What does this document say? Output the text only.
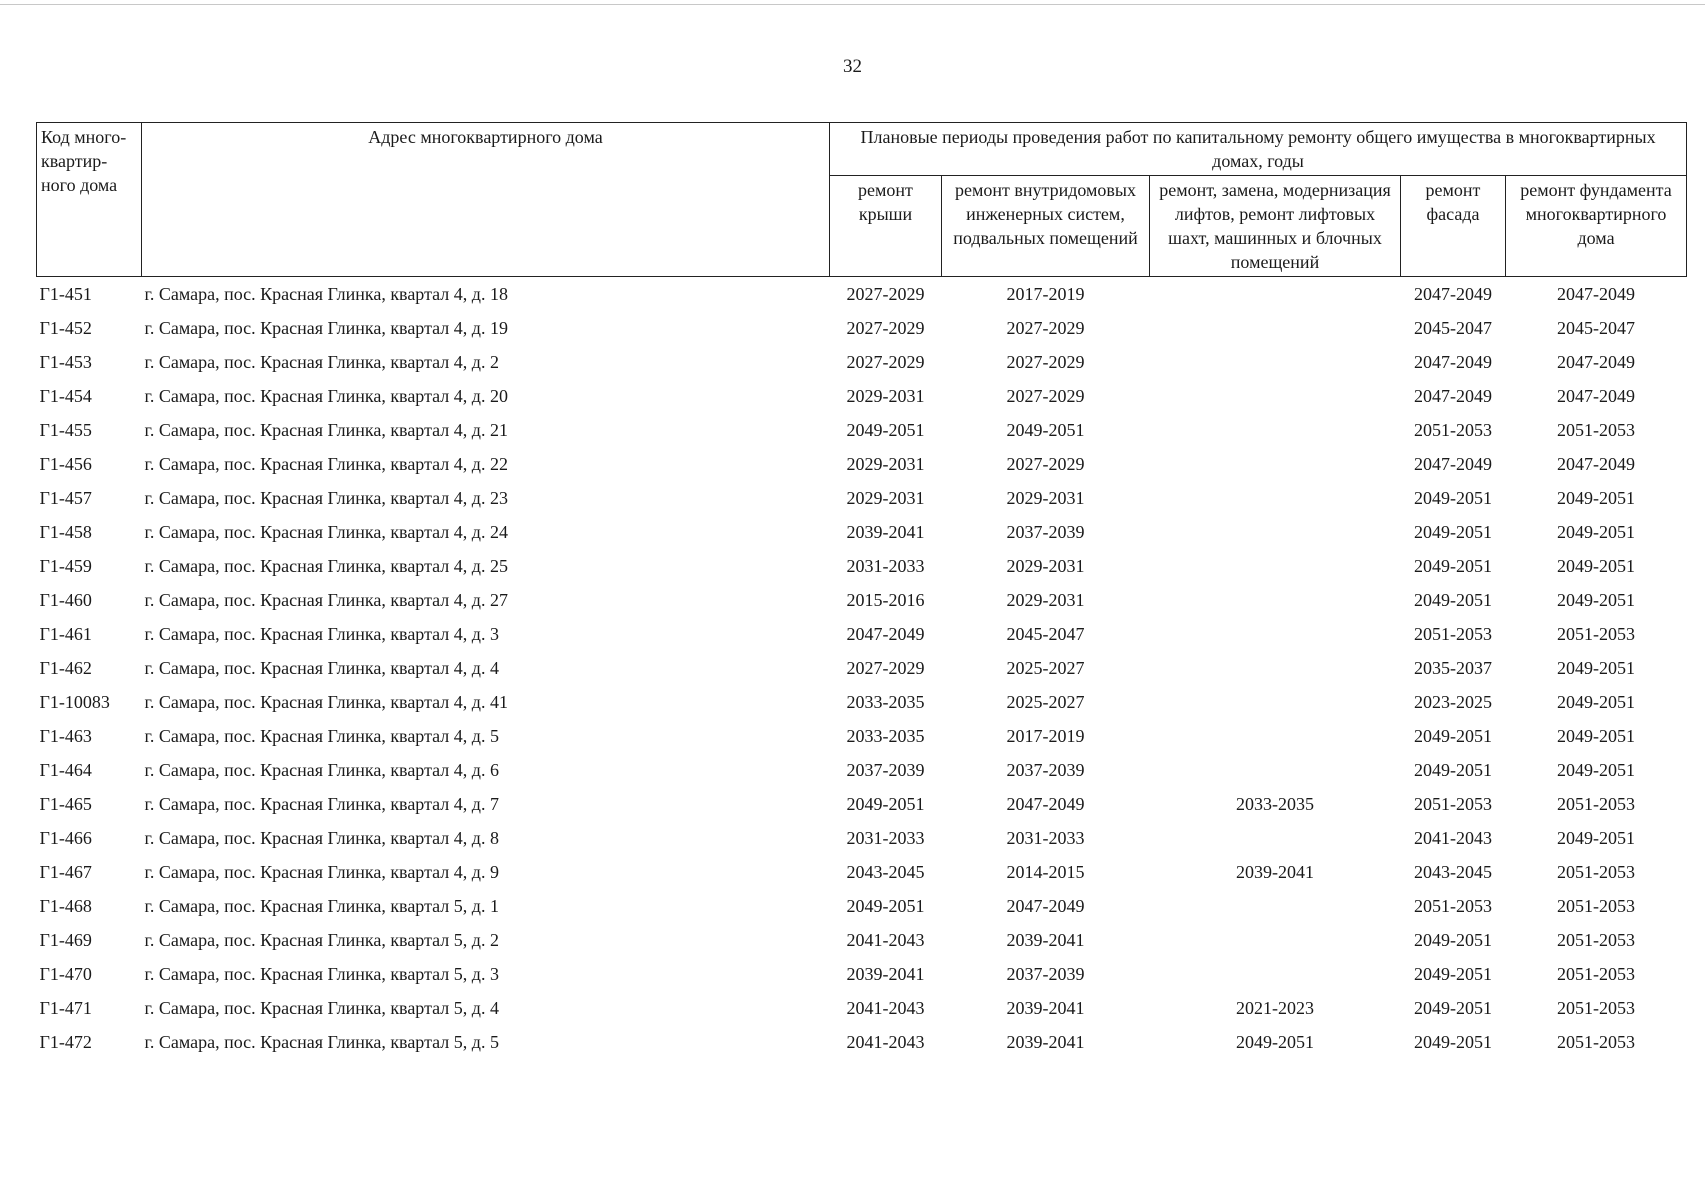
32
Код много-квартир-ного дома	Адрес многоквартирного дома	Плановые периоды проведения работ по капитальному ремонту общего имущества в многоквартирных домах, годы				
		ремонт крыши	ремонт внутридомовых инженерных систем, подвальных помещений	ремонт, замена, модернизация лифтов, ремонт лифтовых шахт, машинных и блочных помещений	ремонт фасада	ремонт фундамента многоквартирного дома
Г1-451	г. Самара, пос. Красная Глинка, квартал 4, д. 18	2027-2029	2017-2019		2047-2049	2047-2049
Г1-452	г. Самара, пос. Красная Глинка, квартал 4, д. 19	2027-2029	2027-2029		2045-2047	2045-2047
Г1-453	г. Самара, пос. Красная Глинка, квартал 4, д. 2	2027-2029	2027-2029		2047-2049	2047-2049
Г1-454	г. Самара, пос. Красная Глинка, квартал 4, д. 20	2029-2031	2027-2029		2047-2049	2047-2049
Г1-455	г. Самара, пос. Красная Глинка, квартал 4, д. 21	2049-2051	2049-2051		2051-2053	2051-2053
Г1-456	г. Самара, пос. Красная Глинка, квартал 4, д. 22	2029-2031	2027-2029		2047-2049	2047-2049
Г1-457	г. Самара, пос. Красная Глинка, квартал 4, д. 23	2029-2031	2029-2031		2049-2051	2049-2051
Г1-458	г. Самара, пос. Красная Глинка, квартал 4, д. 24	2039-2041	2037-2039		2049-2051	2049-2051
Г1-459	г. Самара, пос. Красная Глинка, квартал 4, д. 25	2031-2033	2029-2031		2049-2051	2049-2051
Г1-460	г. Самара, пос. Красная Глинка, квартал 4, д. 27	2015-2016	2029-2031		2049-2051	2049-2051
Г1-461	г. Самара, пос. Красная Глинка, квартал 4, д. 3	2047-2049	2045-2047		2051-2053	2051-2053
Г1-462	г. Самара, пос. Красная Глинка, квартал 4, д. 4	2027-2029	2025-2027		2035-2037	2049-2051
Г1-10083	г. Самара, пос. Красная Глинка, квартал 4, д. 41	2033-2035	2025-2027		2023-2025	2049-2051
Г1-463	г. Самара, пос. Красная Глинка, квартал 4, д. 5	2033-2035	2017-2019		2049-2051	2049-2051
Г1-464	г. Самара, пос. Красная Глинка, квартал 4, д. 6	2037-2039	2037-2039		2049-2051	2049-2051
Г1-465	г. Самара, пос. Красная Глинка, квартал 4, д. 7	2049-2051	2047-2049	2033-2035	2051-2053	2051-2053
Г1-466	г. Самара, пос. Красная Глинка, квартал 4, д. 8	2031-2033	2031-2033		2041-2043	2049-2051
Г1-467	г. Самара, пос. Красная Глинка, квартал 4, д. 9	2043-2045	2014-2015	2039-2041	2043-2045	2051-2053
Г1-468	г. Самара, пос. Красная Глинка, квартал 5, д. 1	2049-2051	2047-2049		2051-2053	2051-2053
Г1-469	г. Самара, пос. Красная Глинка, квартал 5, д. 2	2041-2043	2039-2041		2049-2051	2051-2053
Г1-470	г. Самара, пос. Красная Глинка, квартал 5, д. 3	2039-2041	2037-2039		2049-2051	2051-2053
Г1-471	г. Самара, пос. Красная Глинка, квартал 5, д. 4	2041-2043	2039-2041	2021-2023	2049-2051	2051-2053
Г1-472	г. Самара, пос. Красная Глинка, квартал 5, д. 5	2041-2043	2039-2041	2049-2051	2049-2051	2051-2053
